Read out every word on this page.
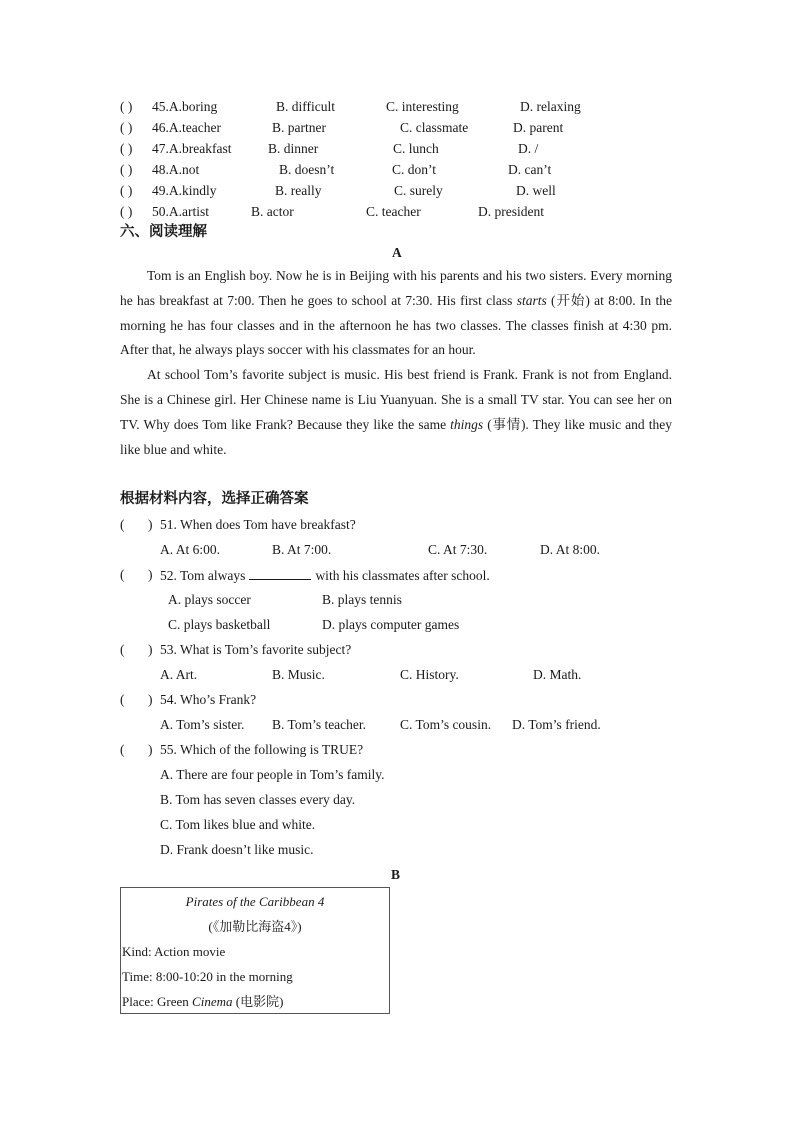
( ) 45.A.boring	B. difficult	C. interesting	D. relaxing
( ) 46.A.teacher	B. partner	C. classmate	D. parent
( ) 47.A.breakfast	B. dinner	C. lunch	D. /
( ) 48.A.not	B. doesn’t	C. don’t	D. can’t
( ) 49.A.kindly	B. really	C. surely	D. well
( ) 50.A.artist	B. actor	C. teacher	D. president
六、阅读理解
A

Tom is an English boy. Now he is in Beijing with his parents and his two sisters. Every morning he has breakfast at 7:00. Then he goes to school at 7:30. His first class starts (开始) at 8:00. In the morning he has four classes and in the afternoon he has two classes. The classes finish at 4:30 pm. After that, he always plays soccer with his classmates for an hour.

At school Tom’s favorite subject is music. His best friend is Frank. Frank is not from England. She is a Chinese girl. Her Chinese name is Liu Yuanyuan. She is a small TV star. You can see her on TV. Why does Tom like Frank? Because they like the same things (事情). They like music and they like blue and white.

根据材料内容，选择正确答案
( ) 51. When does Tom have breakfast?
A. At 6:00.	B. At 7:00.	C. At 7:30.	D. At 8:00.
( ) 52. Tom always	with his classmates after school.
A. plays soccer	B. plays tennis
C. plays basketball	D. plays computer games
( ) 53. What is Tom’s favorite subject?
A. Art.	B. Music.	C. History.	D. Math.
( ) 54. Who’s Frank?
A. Tom’s sister. B. Tom’s teacher.	C. Tom’s cousin. D. Tom’s friend.
( ) 55. Which of the following is TRUE?
A. There are four people in Tom’s family.
B. Tom has seven classes every day.
C. Tom likes blue and white.
D. Frank doesn’t like music.
B
Pirates of the Caribbean 4
(《加勒比海盗4》)
Kind: Action movie
Time: 8:00-10:20 in the morning
Place: Green Cinema (电影院)
